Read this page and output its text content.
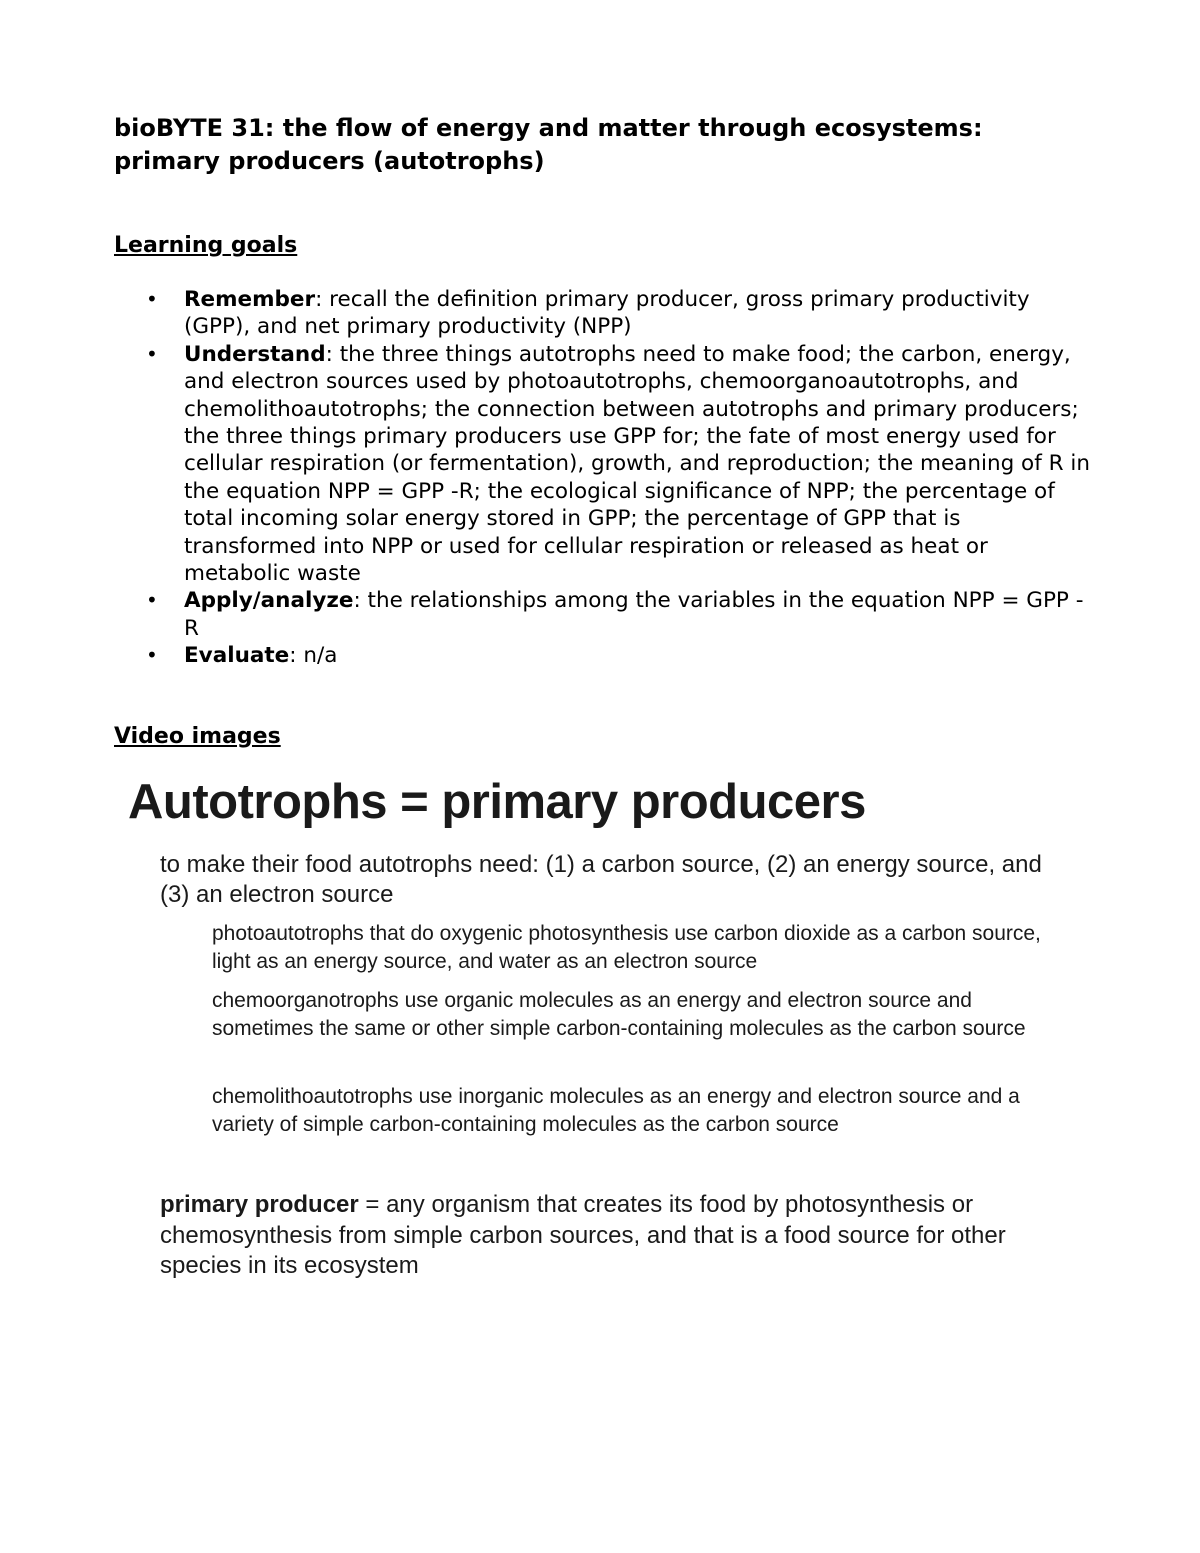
bioBYTE 31: the flow of energy and matter through ecosystems: primary producers (autotrophs)
Learning goals
• Remember: recall the definition primary producer, gross primary productivity (GPP), and net primary productivity (NPP)
• Understand: the three things autotrophs need to make food; the carbon, energy, and electron sources used by photoautotrophs, chemoorganoautotrophs, and chemolithoautotrophs; the connection between autotrophs and primary producers; the three things primary producers use GPP for; the fate of most energy used for cellular respiration (or fermentation), growth, and reproduction; the meaning of R in the equation NPP = GPP -R; the ecological significance of NPP; the percentage of total incoming solar energy stored in GPP; the percentage of GPP that is transformed into NPP or used for cellular respiration or released as heat or metabolic waste
• Apply/analyze: the relationships among the variables in the equation NPP = GPP -R
• Evaluate: n/a
Video images
Autotrophs = primary producers

to make their food autotrophs need: (1) a carbon source, (2) an energy source, and (3) an electron source

photoautotrophs that do oxygenic photosynthesis use carbon dioxide as a carbon source, light as an energy source, and water as an electron source

chemoorganotrophs use organic molecules as an energy and electron source and sometimes the same or other simple carbon-containing molecules as the carbon source

chemolithoautotrophs use inorganic molecules as an energy and electron source and a variety of simple carbon-containing molecules as the carbon source

primary producer = any organism that creates its food by photosynthesis or chemosynthesis from simple carbon sources, and that is a food source for other species in its ecosystem
